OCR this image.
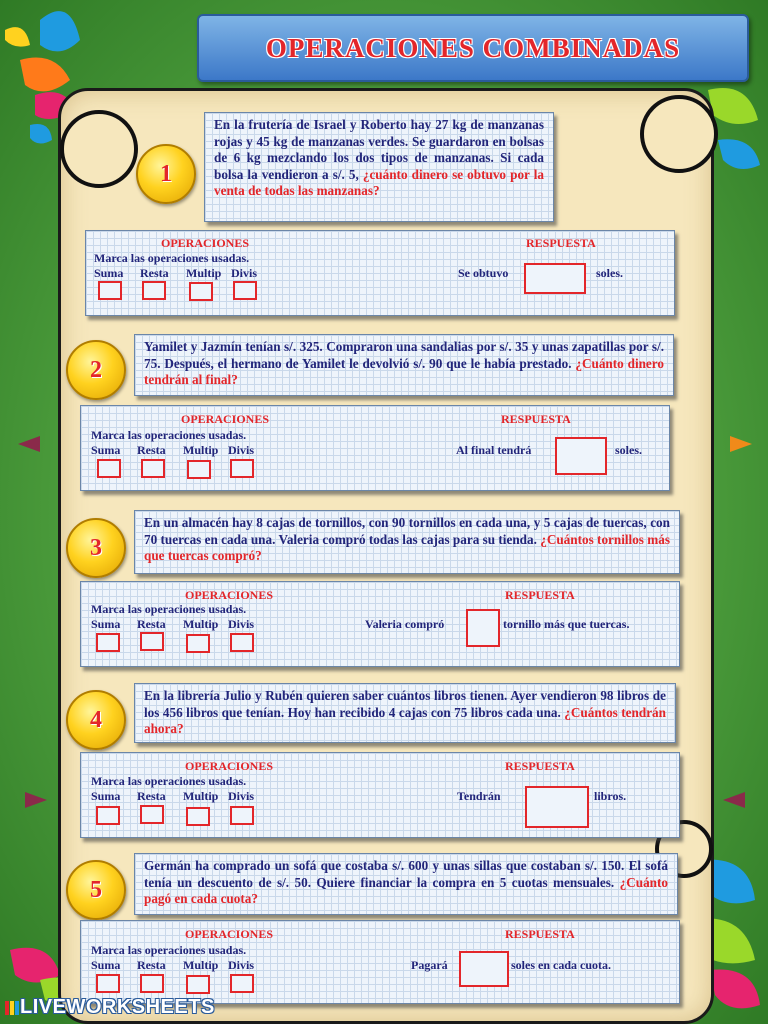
OPERACIONES COMBINADAS
1
En la frutería de Israel y Roberto hay 27 kg de manzanas rojas y 45 kg de manzanas verdes. Se guardaron en bolsas de 6 kg mezclando los dos tipos de manzanas. Si cada bolsa la vendieron a s/. 5, ¿cuánto dinero se obtuvo por la venta de todas las manzanas?
OPERACIONES	RESPUESTA
Marca las operaciones usadas.
Suma Resta Multip Divis	Se obtuvo	soles.
2
Yamilet y Jazmín tenían s/. 325. Compraron una sandalias por s/. 35 y unas zapatillas por s/. 75. Después, el hermano de Yamilet le devolvió s/. 90 que le había prestado. ¿Cuánto dinero tendrán al final?
OPERACIONES	RESPUESTA
Marca las operaciones usadas.
Suma Resta Multip Divis	Al final tendrá	soles.
3
En un almacén hay 8 cajas de tornillos, con 90 tornillos en cada una, y 5 cajas de tuercas, con 70 tuercas en cada una. Valeria compró todas las cajas para su tienda. ¿Cuántos tornillos más que tuercas compró?
OPERACIONES	RESPUESTA
Marca las operaciones usadas.
Suma Resta Multip Divis	Valeria compró	tornillo más que tuercas.
4
En la librería Julio y Rubén quieren saber cuántos libros tienen. Ayer vendieron 98 libros de los 456 libros que tenían. Hoy han recibido 4 cajas con 75 libros cada una. ¿Cuántos tendrán ahora?
OPERACIONES	RESPUESTA
Marca las operaciones usadas.
Suma Resta Multip Divis	Tendrán	libros.
5
Germán ha comprado un sofá que costaba s/. 600 y unas sillas que costaban s/. 150. El sofá tenía un descuento de s/. 50. Quiere financiar la compra en 5 cuotas mensuales. ¿Cuánto pagó en cada cuota?
OPERACIONES	RESPUESTA
Marca las operaciones usadas.
Suma Resta Multip Divis	Pagará	soles en cada cuota.
LIVEWORKSHEETS
